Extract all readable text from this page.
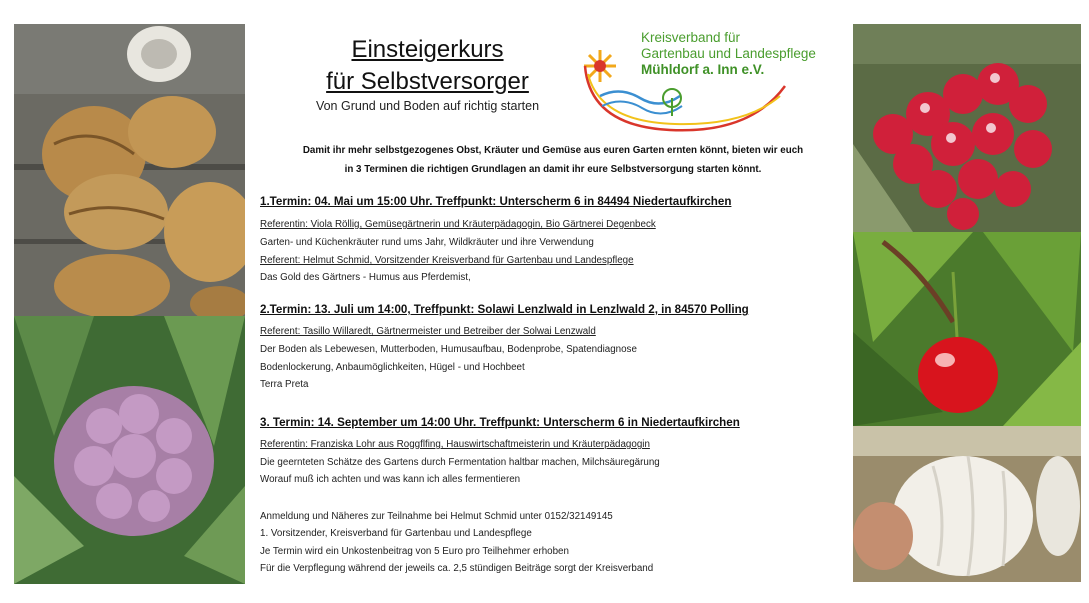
Einsteigerkurs
für Selbstversorger
Von Grund und Boden auf richtig starten
Kreisverband für
Gartenbau und Landespflege
Mühldorf a. Inn e.V.
Damit ihr mehr selbstgezogenes Obst, Kräuter und Gemüse aus euren Garten ernten könnt, bieten wir euch
in 3 Terminen die richtigen Grundlagen an damit ihr eure Selbstversorgung starten könnt.
1.Termin: 04. Mai um 15:00 Uhr. Treffpunkt: Unterscherm 6 in 84494 Niedertaufkirchen
Referentin: Viola Röllig, Gemüsegärtnerin und Kräuterpädagogin, Bio Gärtnerei Degenbeck
Garten- und Küchenkräuter rund ums Jahr, Wildkräuter und ihre Verwendung
Referent: Helmut Schmid, Vorsitzender Kreisverband für Gartenbau und Landespflege
Das Gold des Gärtners - Humus aus Pferdemist,
2.Termin: 13. Juli um 14:00, Treffpunkt: Solawi Lenzlwald in Lenzlwald 2, in 84570 Polling
Referent: Tasillo Willaredt, Gärtnermeister und Betreiber der Solwai Lenzwald
Der Boden als Lebewesen, Mutterboden, Humusaufbau, Bodenprobe, Spatendiagnose
Bodenlockerung, Anbaumöglichkeiten, Hügel - und Hochbeet
Terra Preta
3. Termin: 14. September um 14:00 Uhr. Treffpunkt: Unterscherm 6 in Niedertaufkirchen
Referentin: Franziska Lohr aus Roggflfing, Hauswirtschaftmeisterin und Kräuterpädagogin
Die geernteten Schätze des Gartens durch Fermentation haltbar machen, Milchsäuregärung
Worauf muß ich achten und was kann ich alles fermentieren
Anmeldung und Näheres zur Teilnahme bei Helmut Schmid unter 0152/32149145
1. Vorsitzender, Kreisverband für Gartenbau und Landespflege
Je Termin wird ein Unkostenbeitrag von 5 Euro pro Teilhehmer erhoben
Für die Verpflegung während der jeweils ca. 2,5 stündigen Beiträge sorgt der Kreisverband
